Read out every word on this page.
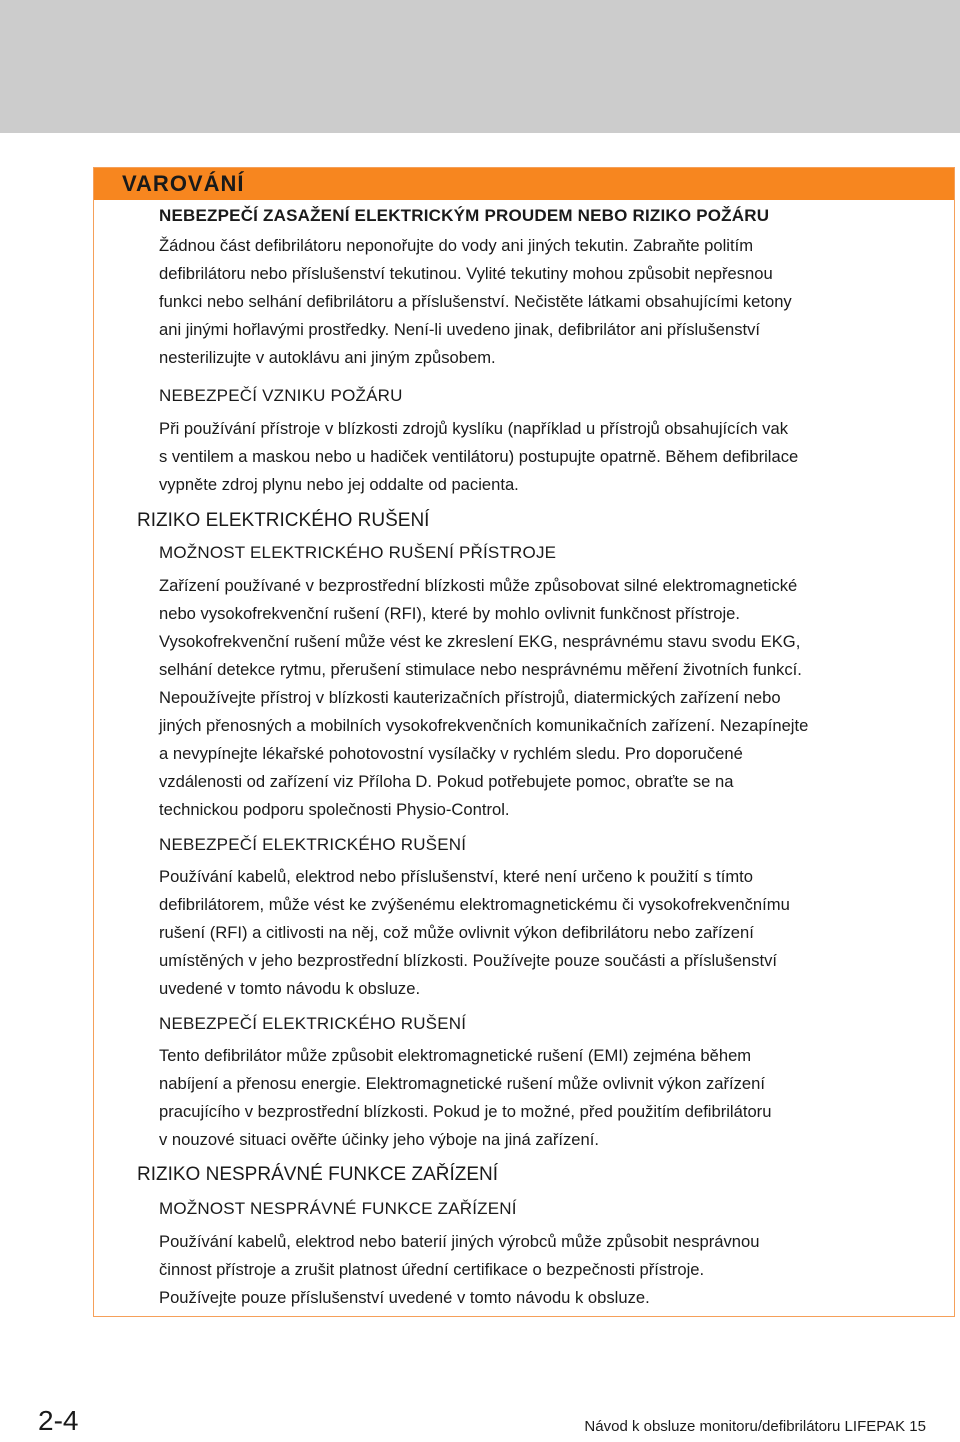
VAROVÁNÍ
NEBEZPEČÍ ZASAŽENÍ ELEKTRICKÝM PROUDEM NEBO RIZIKO POŽÁRU
Žádnou část defibrilátoru neponořujte do vody ani jiných tekutin. Zabraňte politím
defibrilátoru nebo příslušenství tekutinou. Vylité tekutiny mohou způsobit nepřesnou
funkci nebo selhání defibrilátoru a příslušenství. Nečistěte látkami obsahujícími ketony
ani jinými hořlavými prostředky. Není-li uvedeno jinak, defibrilátor ani příslušenství
nesterilizujte v autoklávu ani jiným způsobem.
NEBEZPEČÍ VZNIKU POŽÁRU
Při používání přístroje v blízkosti zdrojů kyslíku (například u přístrojů obsahujících vak
s ventilem a maskou nebo u hadiček ventilátoru) postupujte opatrně. Během defibrilace
vypněte zdroj plynu nebo jej oddalte od pacienta.
RIZIKO ELEKTRICKÉHO RUŠENÍ
MOŽNOST ELEKTRICKÉHO RUŠENÍ PŘÍSTROJE
Zařízení používané v bezprostřední blízkosti může způsobovat silné elektromagnetické
nebo vysokofrekvenční rušení (RFI), které by mohlo ovlivnit funkčnost přístroje.
Vysokofrekvenční rušení může vést ke zkreslení EKG, nesprávnému stavu svodu EKG,
selhání detekce rytmu, přerušení stimulace nebo nesprávnému měření životních funkcí.
Nepoužívejte přístroj v blízkosti kauterizačních přístrojů, diatermických zařízení nebo
jiných přenosných a mobilních vysokofrekvenčních komunikačních zařízení. Nezapínejte
a nevypínejte lékařské pohotovostní vysílačky v rychlém sledu. Pro doporučené
vzdálenosti od zařízení viz Příloha D. Pokud potřebujete pomoc, obraťte se na
technickou podporu společnosti Physio-Control.
NEBEZPEČÍ ELEKTRICKÉHO RUŠENÍ
Používání kabelů, elektrod nebo příslušenství, které není určeno k použití s tímto
defibrilátorem, může vést ke zvýšenému elektromagnetickému či vysokofrekvenčnímu
rušení (RFI) a citlivosti na něj, což může ovlivnit výkon defibrilátoru nebo zařízení
umístěných v jeho bezprostřední blízkosti. Používejte pouze součásti a příslušenství
uvedené v tomto návodu k obsluze.
NEBEZPEČÍ ELEKTRICKÉHO RUŠENÍ
Tento defibrilátor může způsobit elektromagnetické rušení (EMI) zejména během
nabíjení a přenosu energie. Elektromagnetické rušení může ovlivnit výkon zařízení
pracujícího v bezprostřední blízkosti. Pokud je to možné, před použitím defibrilátoru
v nouzové situaci ověřte účinky jeho výboje na jiná zařízení.
RIZIKO NESPRÁVNÉ FUNKCE ZAŘÍZENÍ
MOŽNOST NESPRÁVNÉ FUNKCE ZAŘÍZENÍ
Používání kabelů, elektrod nebo baterií jiných výrobců může způsobit nesprávnou
činnost přístroje a zrušit platnost úřední certifikace o bezpečnosti přístroje.
Používejte pouze příslušenství uvedené v tomto návodu k obsluze.
2-4	Návod k obsluze monitoru/defibrilátoru LIFEPAK 15
